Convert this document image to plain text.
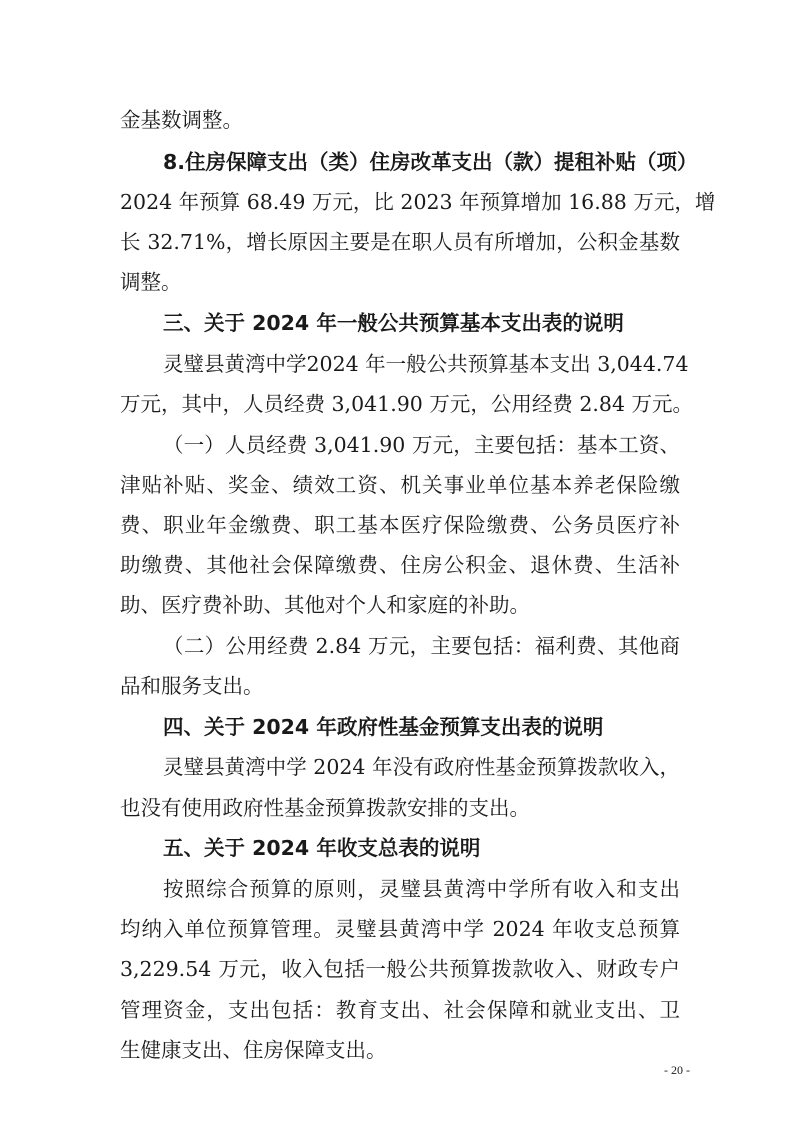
金基数调整。
8.住房保障支出（类）住房改革支出（款）提租补贴（项）
2024 年预算 68.49 万元，比 2023 年预算增加 16.88 万元，增
长 32.71%，增长原因主要是在职人员有所增加，公积金基数
调整。
三、关于 2024 年一般公共预算基本支出表的说明
灵璧县黄湾中学2024 年一般公共预算基本支出 3,044.74
万元，其中，人员经费 3,041.90 万元，公用经费 2.84 万元。
（一）人员经费 3,041.90 万元，主要包括：基本工资、
津贴补贴、奖金、绩效工资、机关事业单位基本养老保险缴
费、职业年金缴费、职工基本医疗保险缴费、公务员医疗补
助缴费、其他社会保障缴费、住房公积金、退休费、生活补
助、医疗费补助、其他对个人和家庭的补助。
（二）公用经费 2.84 万元，主要包括：福利费、其他商
品和服务支出。
四、关于 2024 年政府性基金预算支出表的说明
灵璧县黄湾中学 2024 年没有政府性基金预算拨款收入，
也没有使用政府性基金预算拨款安排的支出。
五、关于 2024 年收支总表的说明
按照综合预算的原则，灵璧县黄湾中学所有收入和支出
均纳入单位预算管理。灵璧县黄湾中学 2024 年收支总预算
3,229.54 万元，收入包括一般公共预算拨款收入、财政专户
管理资金，支出包括：教育支出、社会保障和就业支出、卫
生健康支出、住房保障支出。
- 20 -
